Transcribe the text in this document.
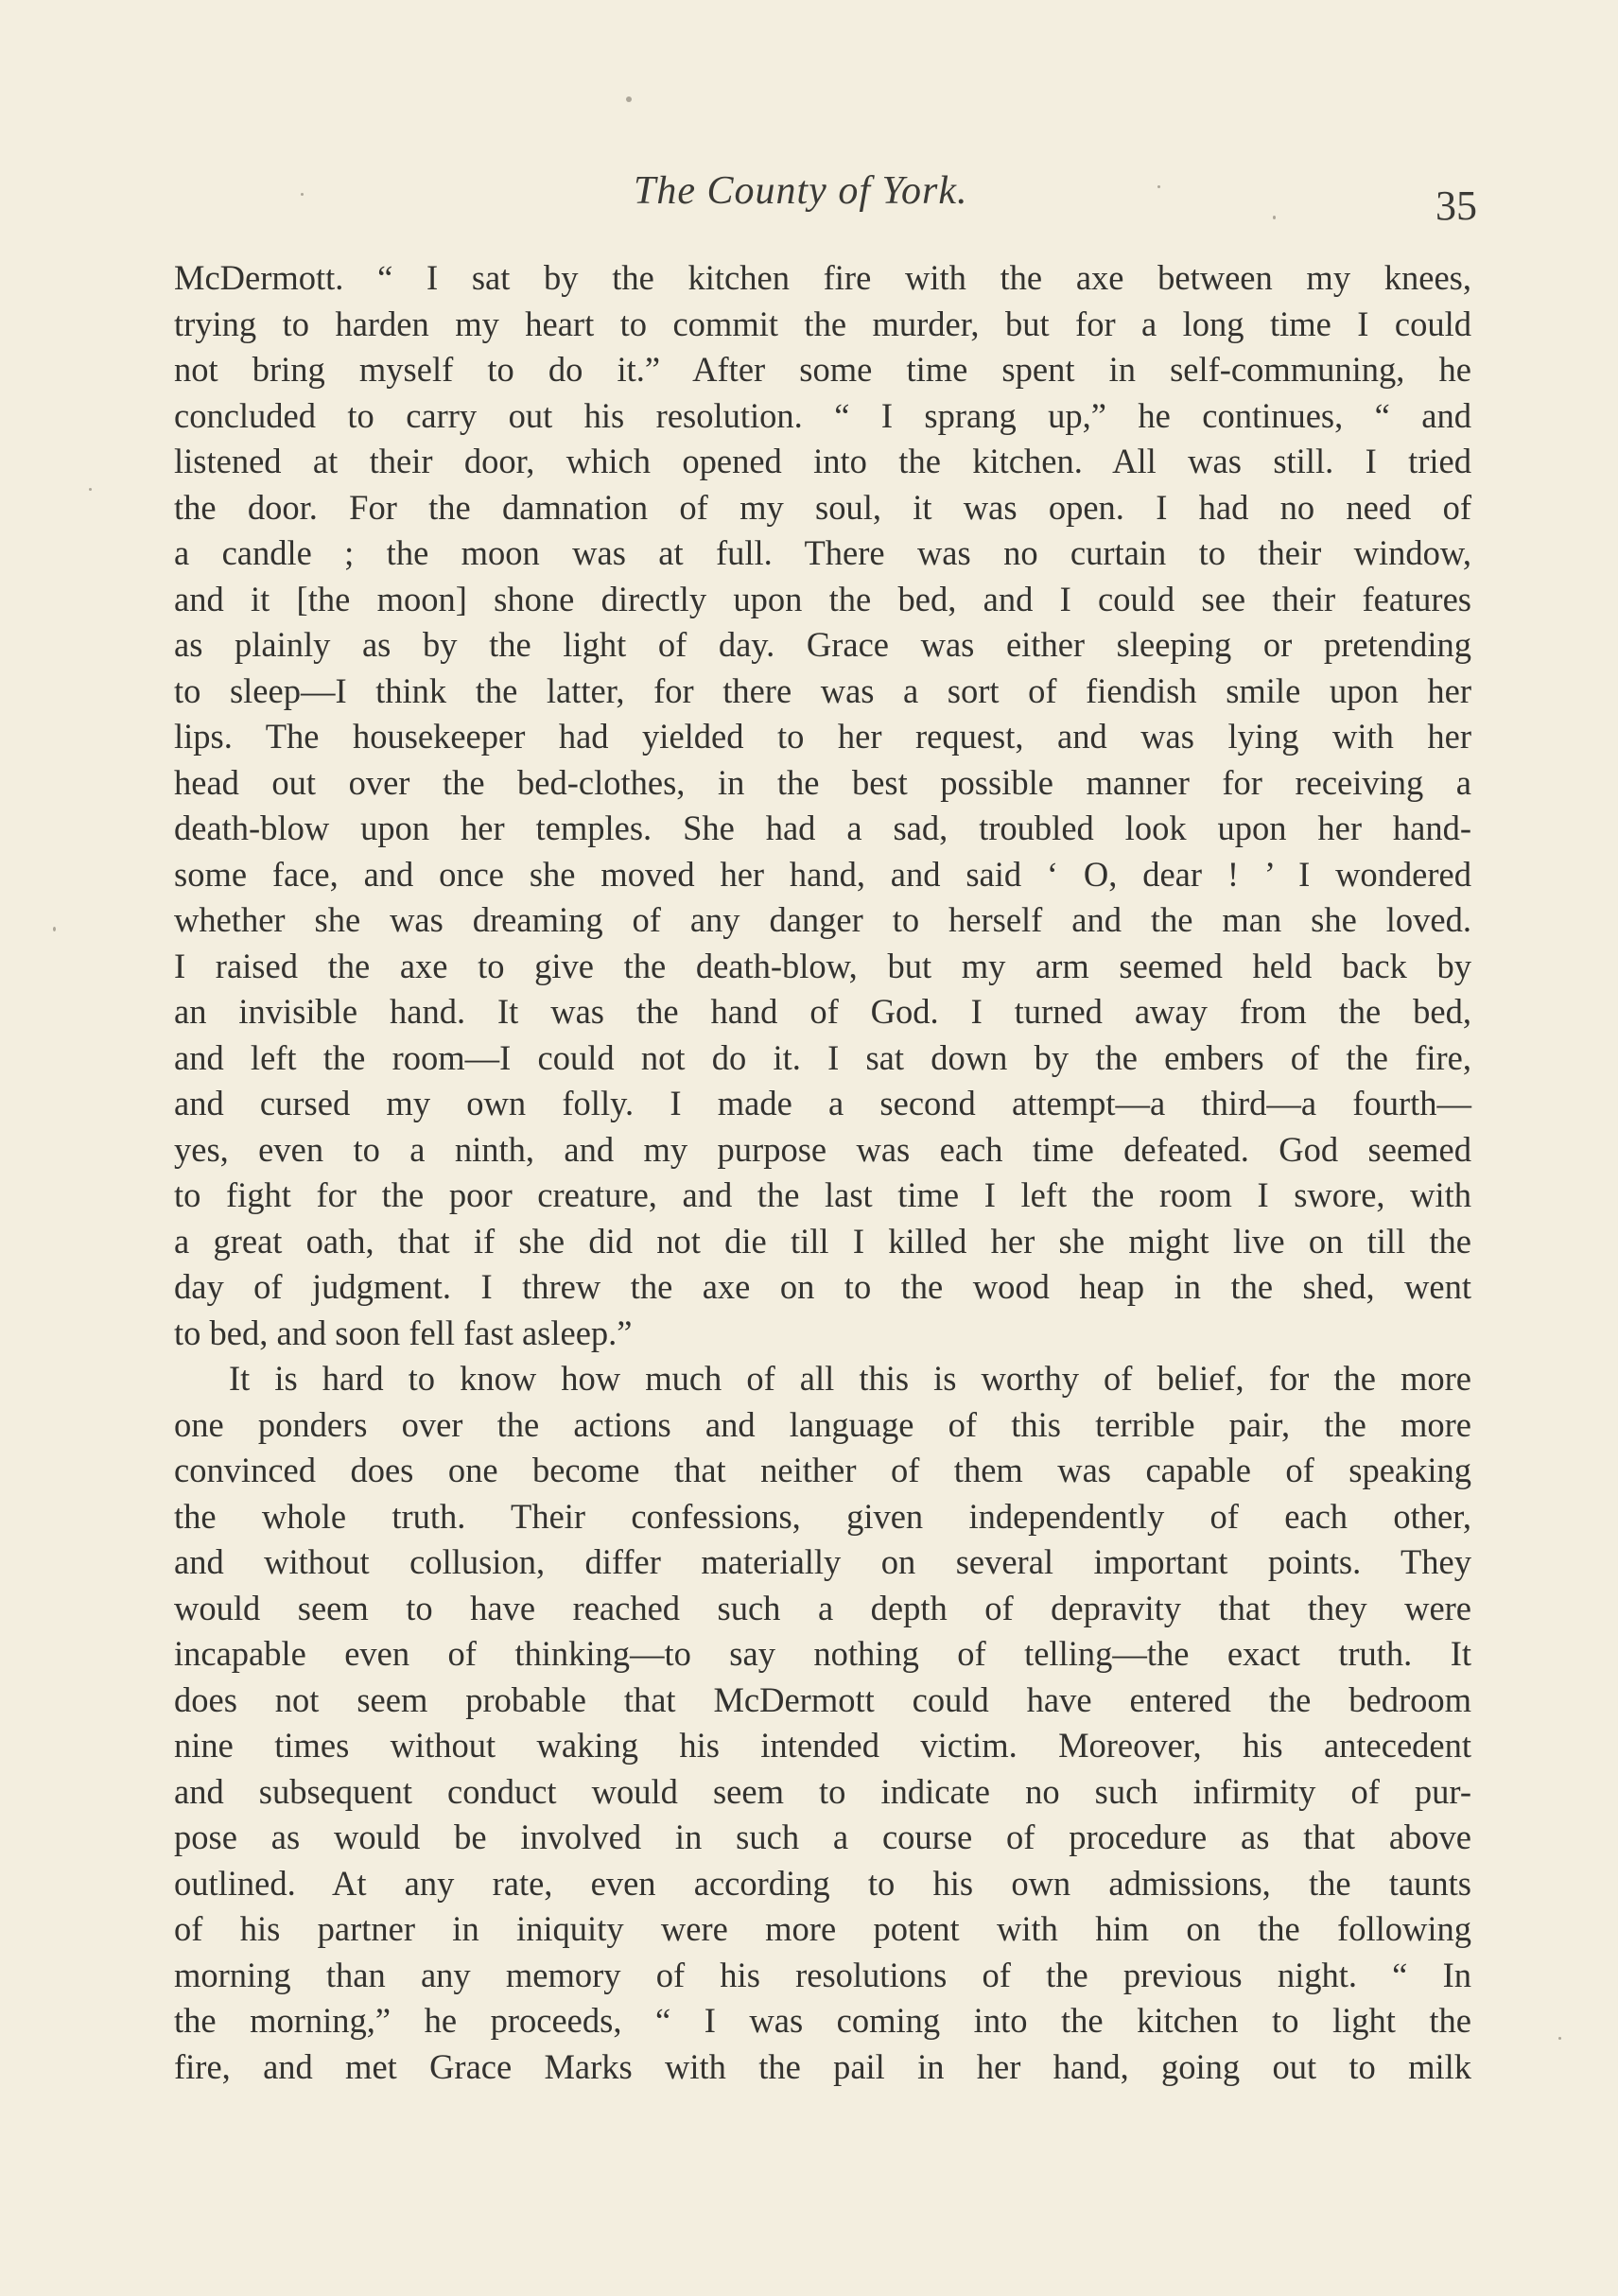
The County of York.	35
McDermott. “ I sat by the kitchen fire with the axe between my knees,
trying to harden my heart to commit the murder, but for a long time I could
not bring myself to do it.” After some time spent in self-communing, he
concluded to carry out his resolution. “ I sprang up,” he continues, “ and
listened at their door, which opened into the kitchen. All was still. I tried
the door. For the damnation of my soul, it was open. I had no need of
a candle ; the moon was at full. There was no curtain to their window,
and it [the moon] shone directly upon the bed, and I could see their features
as plainly as by the light of day. Grace was either sleeping or pretending
to sleep—I think the latter, for there was a sort of fiendish smile upon her
lips. The housekeeper had yielded to her request, and was lying with her
head out over the bed-clothes, in the best possible manner for receiving a
death-blow upon her temples. She had a sad, troubled look upon her hand-
some face, and once she moved her hand, and said ‘ O, dear ! ’ I wondered
whether she was dreaming of any danger to herself and the man she loved.
I raised the axe to give the death-blow, but my arm seemed held back by
an invisible hand. It was the hand of God. I turned away from the bed,
and left the room—I could not do it. I sat down by the embers of the fire,
and cursed my own folly. I made a second attempt—a third—a fourth—
yes, even to a ninth, and my purpose was each time defeated. God seemed
to fight for the poor creature, and the last time I left the room I swore, with
a great oath, that if she did not die till I killed her she might live on till the
day of judgment. I threw the axe on to the wood heap in the shed, went
to bed, and soon fell fast asleep.”
It is hard to know how much of all this is worthy of belief, for the more
one ponders over the actions and language of this terrible pair, the more
convinced does one become that neither of them was capable of speaking
the whole truth. Their confessions, given independently of each other,
and without collusion, differ materially on several important points. They
would seem to have reached such a depth of depravity that they were
incapable even of thinking—to say nothing of telling—the exact truth. It
does not seem probable that McDermott could have entered the bedroom
nine times without waking his intended victim. Moreover, his antecedent
and subsequent conduct would seem to indicate no such infirmity of pur-
pose as would be involved in such a course of procedure as that above
outlined. At any rate, even according to his own admissions, the taunts
of his partner in iniquity were more potent with him on the following
morning than any memory of his resolutions of the previous night. “ In
the morning,” he proceeds, “ I was coming into the kitchen to light the
fire, and met Grace Marks with the pail in her hand, going out to milk
